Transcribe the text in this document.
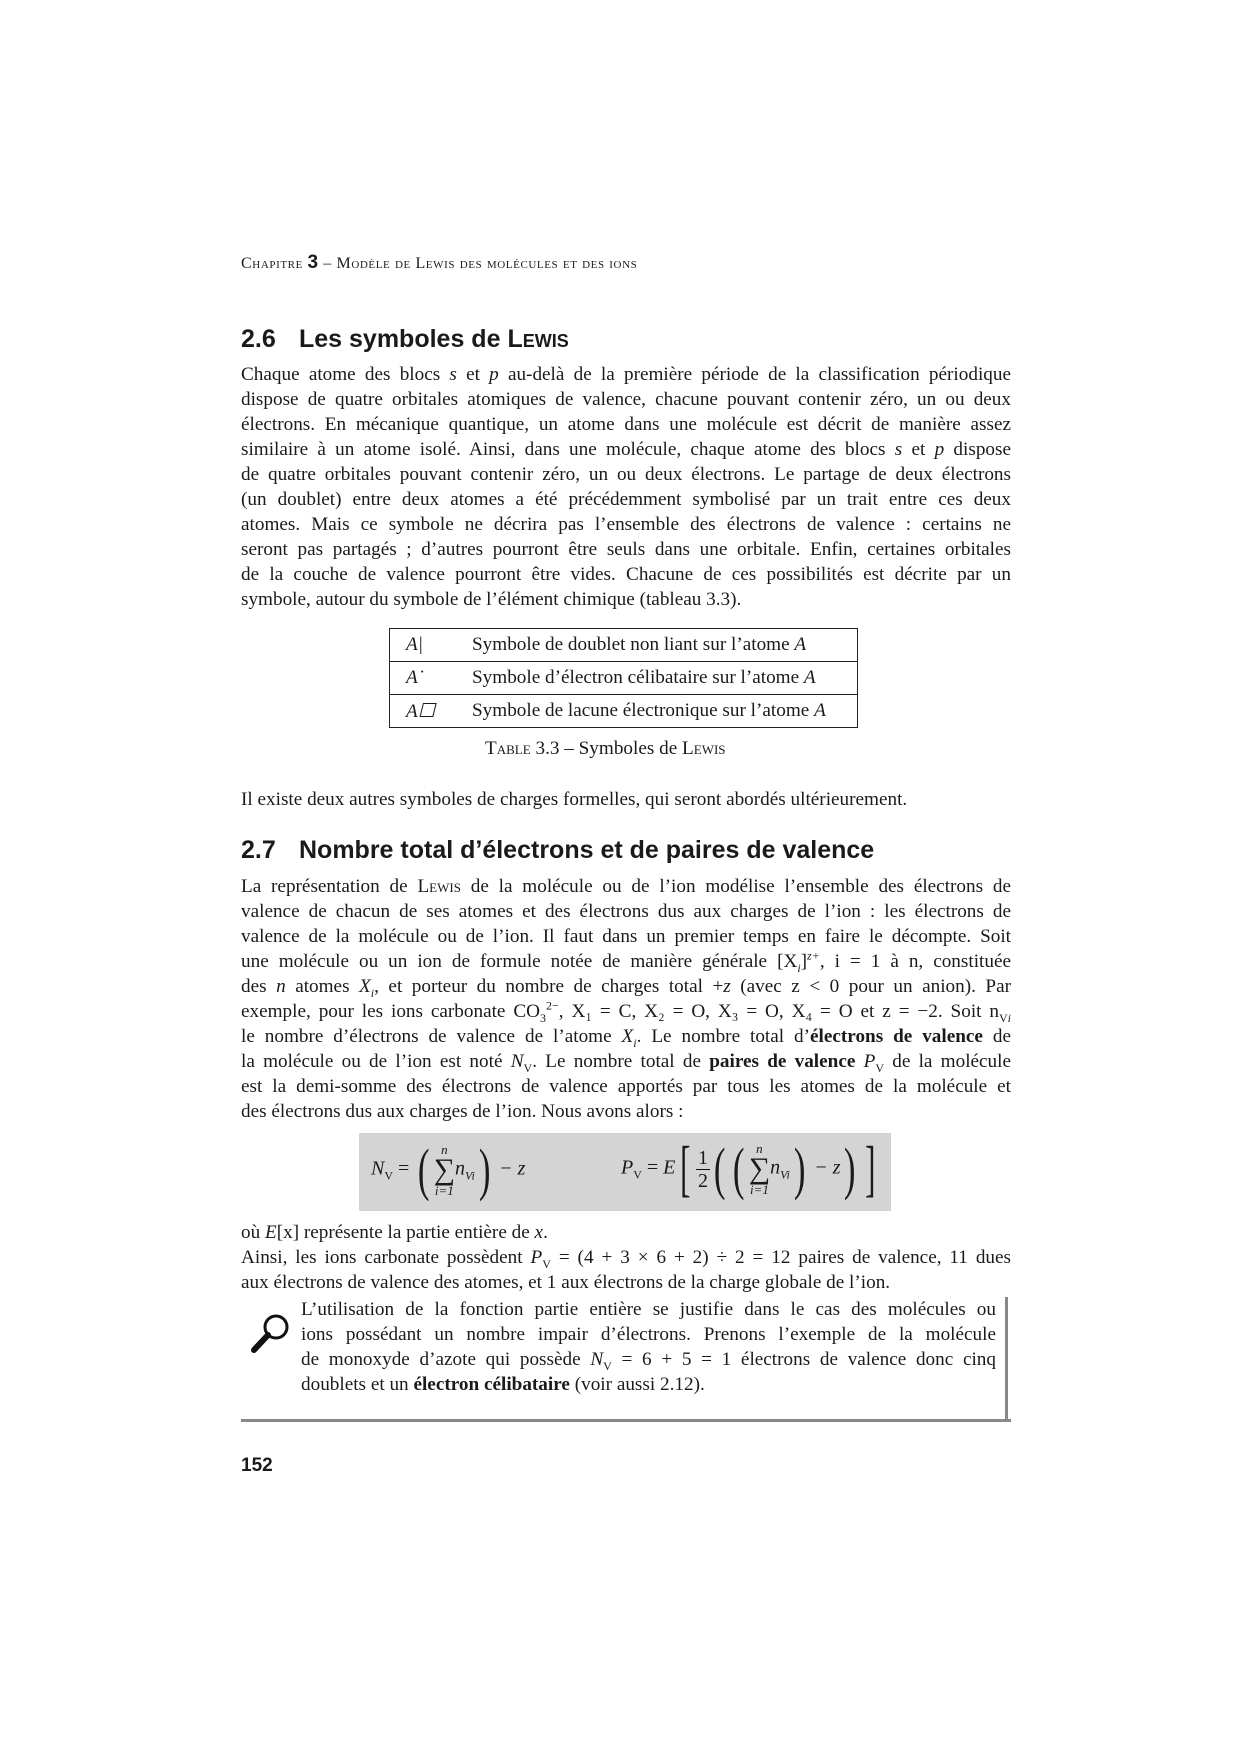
Chapitre 3 – Modèle de Lewis des molécules et des ions
2.6 Les symboles de Lewis
Chaque atome des blocs s et p au-delà de la première période de la classification périodique
dispose de quatre orbitales atomiques de valence, chacune pouvant contenir zéro, un ou deux
électrons. En mécanique quantique, un atome dans une molécule est décrit de manière assez
similaire à un atome isolé. Ainsi, dans une molécule, chaque atome des blocs s et p dispose
de quatre orbitales pouvant contenir zéro, un ou deux électrons. Le partage de deux électrons
(un doublet) entre deux atomes a été précédemment symbolisé par un trait entre ces deux
atomes. Mais ce symbole ne décrira pas l’ensemble des électrons de valence : certains ne
seront pas partagés ; d’autres pourront être seuls dans une orbitale. Enfin, certaines orbitales
de la couche de valence pourront être vides. Chacune de ces possibilités est décrite par un
symbole, autour du symbole de l’élément chimique (tableau 3.3).
A|	Symbole de doublet non liant sur l’atome A
A˙	Symbole d’électron célibataire sur l’atome A
A☐	Symbole de lacune électronique sur l’atome A
Table 3.3 – Symboles de Lewis
Il existe deux autres symboles de charges formelles, qui seront abordés ultérieurement.
2.7 Nombre total d’électrons et de paires de valence
La représentation de Lewis de la molécule ou de l’ion modélise l’ensemble des électrons de
valence de chacun de ses atomes et des électrons dus aux charges de l’ion : les électrons de
valence de la molécule ou de l’ion. Il faut dans un premier temps en faire le décompte. Soit
une molécule ou un ion de formule notée de manière générale $[X_i]^{z+}$, i = 1 à n, constituée
des n atomes $X_i$, et porteur du nombre de charges total +z (avec z < 0 pour un anion). Par
exemple, pour les ions carbonate $CO_3^{2-}$, X₁ = C, X₂ = O, X₃ = O, X₄ = O et z = −2. Soit $n_{Vi}$
le nombre d’électrons de valence de l’atome $X_i$. Le nombre total d’électrons de valence de
la molécule ou de l’ion est noté $N_V$. Le nombre total de paires de valence $P_V$ de la molécule
est la demi-somme des électrons de valence apportés par tous les atomes de la molécule et
des électrons dus aux charges de l’ion. Nous avons alors :
$N_V$ = ( n
∑
i=1
$n_{Vi}) - z$	$P_V = E[ \frac{1}{2}$ ( ( n
∑
i=1
$n_{Vi}) - z$) ]
où E[x] représente la partie entière de x.
Ainsi, les ions carbonate possèdent $P_V = (4 + 3 \times 6 + 2) \div 2 = 12$ paires de valence, 11 dues
aux électrons de valence des atomes, et 1 aux électrons de la charge globale de l’ion.
L’utilisation de la fonction partie entière se justifie dans le cas des molécules ou
ions possédant un nombre impair d’électrons. Prenons l’exemple de la molécule
de monoxyde d’azote qui possède $N_V = 6 + 5 = 1$ électrons de valence donc cinq
doublets et un électron célibataire (voir aussi 2.12).
152
